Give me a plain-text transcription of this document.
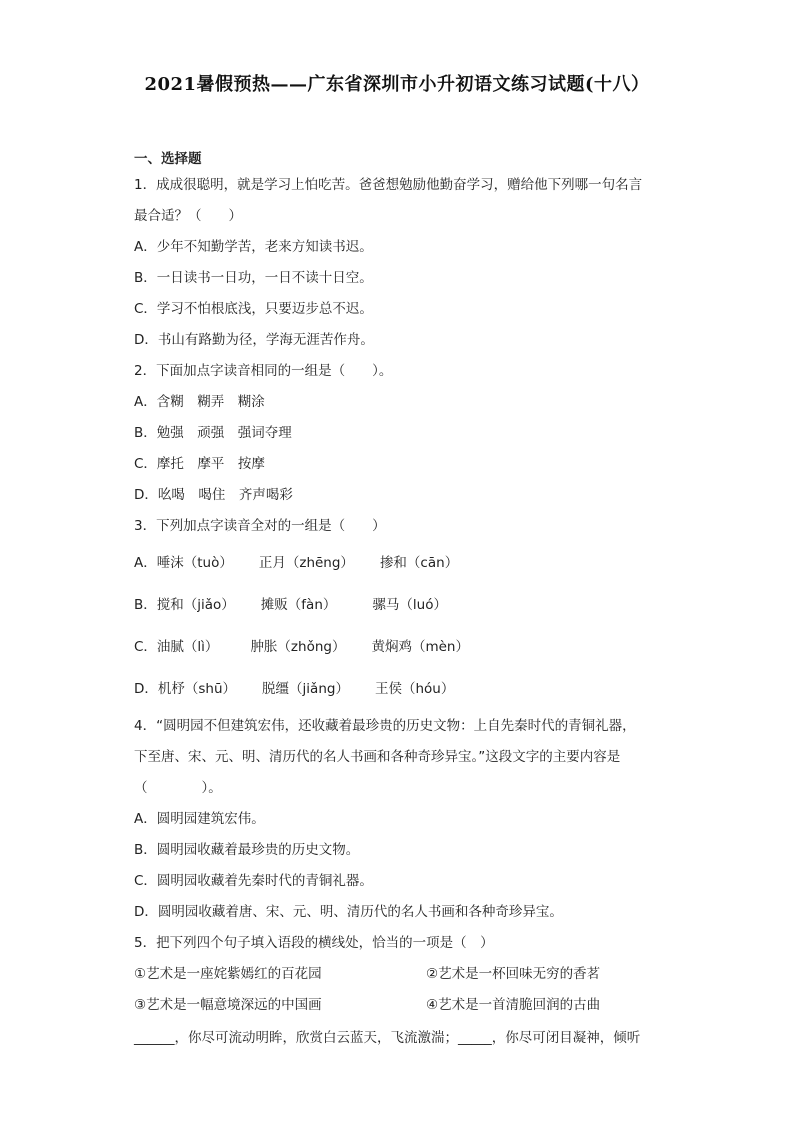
2021暑假预热——广东省深圳市小升初语文练习试题(十八）
一、选择题
1．成成很聪明，就是学习上怕吃苦。爸爸想勉励他勤奋学习，赠给他下列哪一句名言
最合适？（　　）
A．少年不知勤学苦，老来方知读书迟。
B．一日读书一日功，一日不读十日空。
C．学习不怕根底浅，只要迈步总不迟。
D．书山有路勤为径，学海无涯苦作舟。
2．下面加点字读音相同的一组是（　　）。
A．含糊　糊弄　糊涂
B．勉强　顽强　强词夺理
C．摩托　摩平　按摩
D．吆喝　喝住　齐声喝彩
3．下列加点字读音全对的一组是（　　）
A．唾沫（tuò） 正月（zhēng） 掺和（cān）
B．搅和（jiǎo） 摊贩（fàn）	骡马（luó）
C．油腻（lì） 肿胀（zhǒng） 黄焖鸡（mèn）
D．机杼（shū） 脱缰（jiǎng） 王侯（hóu）
4．“圆明园不但建筑宏伟，还收藏着最珍贵的历史文物：上自先秦时代的青铜礼器，
下至唐、宋、元、明、清历代的名人书画和各种奇珍异宝。”这段文字的主要内容是
（　　　　）。
A．圆明园建筑宏伟。
B．圆明园收藏着最珍贵的历史文物。
C．圆明园收藏着先秦时代的青铜礼器。
D．圆明园收藏着唐、宋、元、明、清历代的名人书画和各种奇珍异宝。
5．把下列四个句子填入语段的横线处，恰当的一项是（　）
①艺术是一座姹紫嫣红的百花园	②艺术是一杯回味无穷的香茗
③艺术是一幅意境深远的中国画	④艺术是一首清脆回润的古曲
______，你尽可流动明眸，欣赏白云蓝天，飞流激湍；_____，你尽可闭目凝神，倾听
